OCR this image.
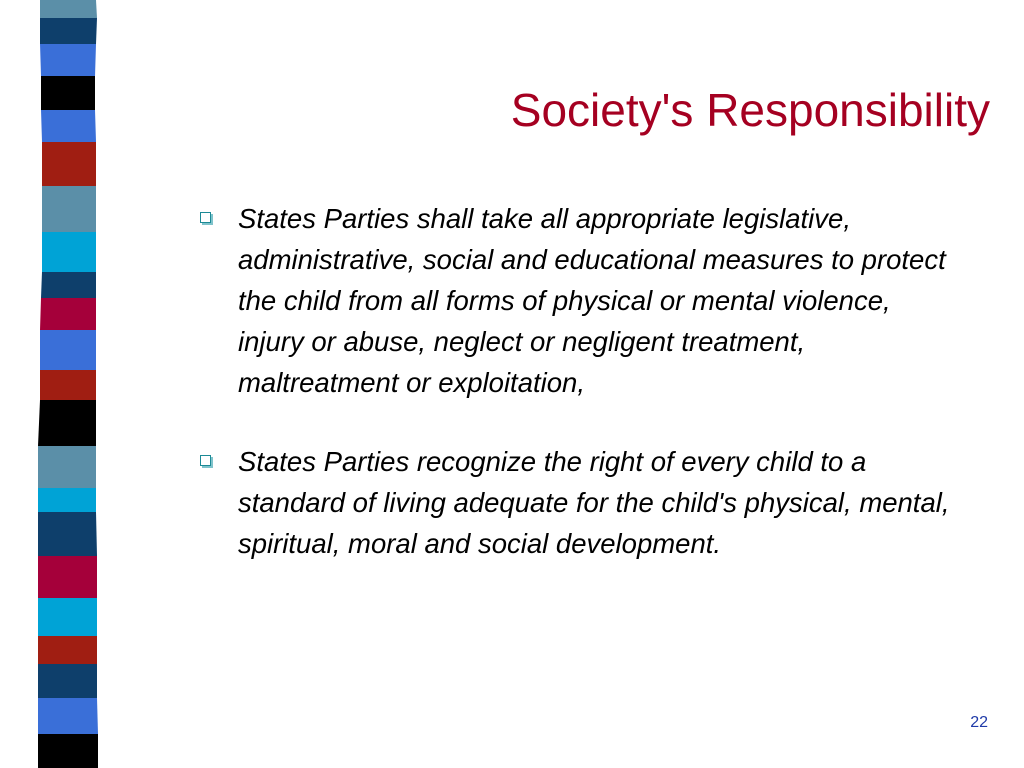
Society's Responsibility
States Parties shall take all appropriate legislative, administrative, social and educational measures to protect the child from all forms of physical or mental violence, injury or abuse, neglect or negligent treatment, maltreatment or exploitation,
States Parties recognize the right of every child to a standard of living adequate for the child's physical, mental, spiritual, moral and social development.
22
